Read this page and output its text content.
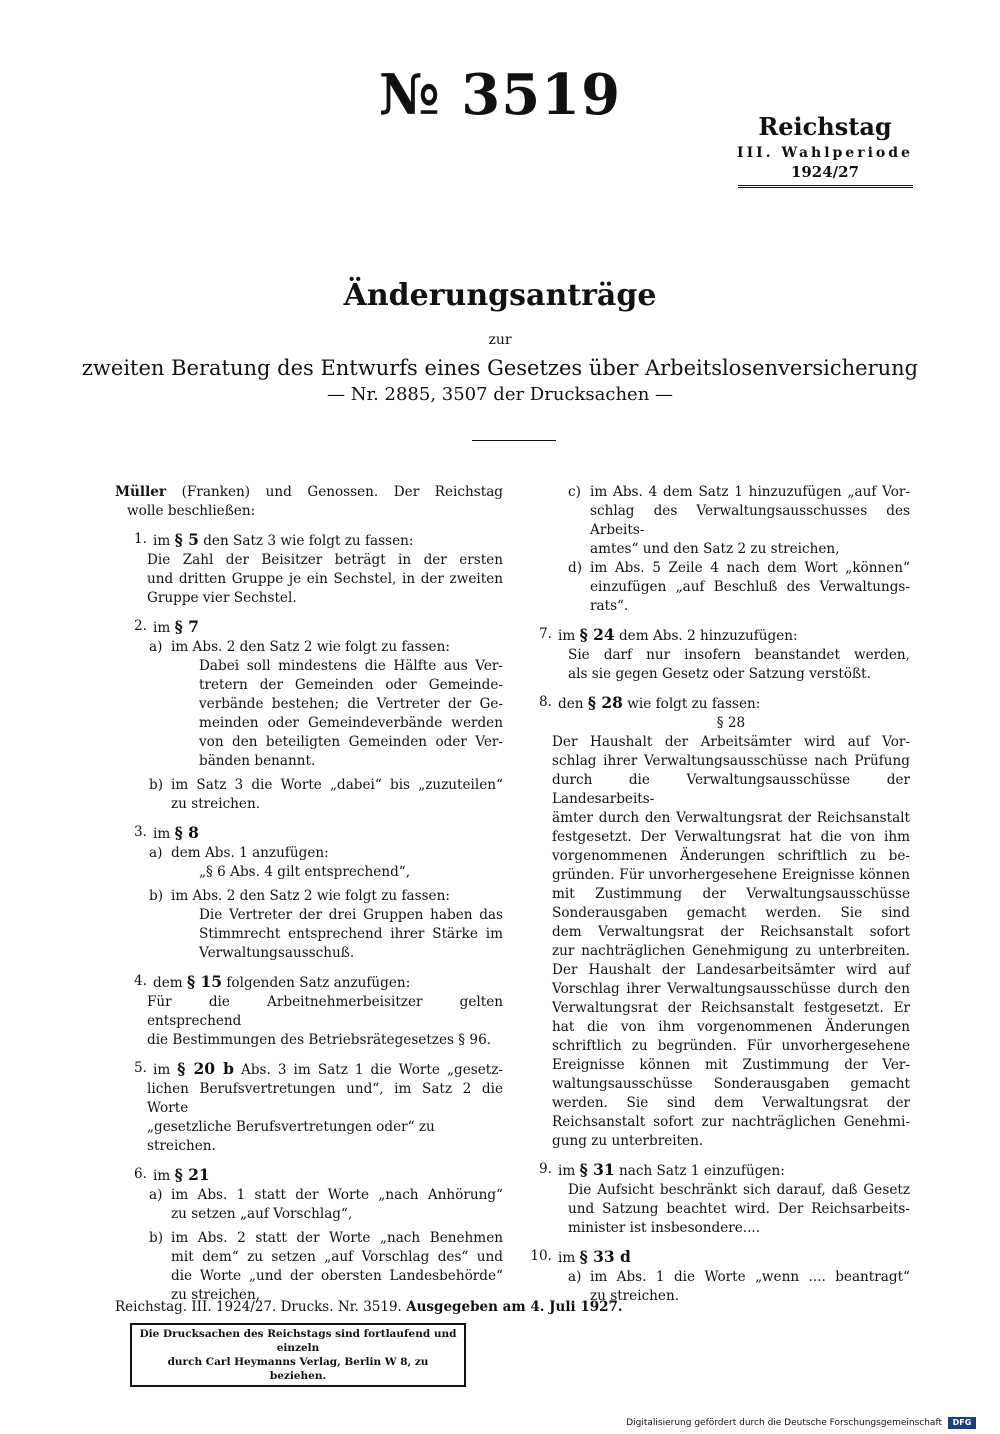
№ 3519	Reichstag
III. Wahlperiode
1924/27
Änderungsanträge
zur
zweiten Beratung des Entwurfs eines Gesetzes über Arbeitslosenversicherung
— Nr. 2885, 3507 der Drucksachen —
Müller (Franken) und Genossen. Der Reichstag
wolle beschließen:
1. im § 5 den Satz 3 wie folgt zu fassen:
Die Zahl der Beisitzer beträgt in der ersten
und dritten Gruppe je ein Sechstel, in der zweiten
Gruppe vier Sechstel.
2. im § 7
a) im Abs. 2 den Satz 2 wie folgt zu fassen:
Dabei soll mindestens die Hälfte aus Ver-
tretern der Gemeinden oder Gemeinde-
verbände bestehen; die Vertreter der Ge-
meinden oder Gemeindeverbände werden
von den beteiligten Gemeinden oder Ver-
bänden benannt.
b) im Satz 3 die Worte „dabei“ bis „zuzuteilen“
zu streichen.
3. im § 8
a) dem Abs. 1 anzufügen:
„§ 6 Abs. 4 gilt entsprechend“,
b) im Abs. 2 den Satz 2 wie folgt zu fassen:
Die Vertreter der drei Gruppen haben das
Stimmrecht entsprechend ihrer Stärke im
Verwaltungsausschuß.
4. dem § 15 folgenden Satz anzufügen:
Für die Arbeitnehmerbeisitzer gelten entsprechend
die Bestimmungen des Betriebsrätegesetzes § 96.
5. im § 20 b Abs. 3 im Satz 1 die Worte „gesetz-
lichen Berufsvertretungen und“, im Satz 2 die Worte
„gesetzliche Berufsvertretungen oder“ zu streichen.
6. im § 21
a) im Abs. 1 statt der Worte „nach Anhörung“
zu setzen „auf Vorschlag“,
b) im Abs. 2 statt der Worte „nach Benehmen
mit dem“ zu setzen „auf Vorschlag des“ und
die Worte „und der obersten Landesbehörde“
zu streichen,
c) im Abs. 4 dem Satz 1 hinzuzufügen „auf Vor-
schlag des Verwaltungsausschusses des Arbeits-
amtes“ und den Satz 2 zu streichen,
d) im Abs. 5 Zeile 4 nach dem Wort „können“
einzufügen „auf Beschluß des Verwaltungs-
rats“.
7. im § 24 dem Abs. 2 hinzuzufügen:
Sie darf nur insofern beanstandet werden,
als sie gegen Gesetz oder Satzung verstößt.
8. den § 28 wie folgt zu fassen:
§ 28
Der Haushalt der Arbeitsämter wird auf Vor-
schlag ihrer Verwaltungsausschüsse nach Prüfung
durch die Verwaltungsausschüsse der Landesarbeits-
ämter durch den Verwaltungsrat der Reichsanstalt
festgesetzt. Der Verwaltungsrat hat die von ihm
vorgenommenen Änderungen schriftlich zu be-
gründen. Für unvorhergesehene Ereignisse können
mit Zustimmung der Verwaltungsausschüsse
Sonderausgaben gemacht werden. Sie sind
dem Verwaltungsrat der Reichsanstalt sofort
zur nachträglichen Genehmigung zu unterbreiten.
Der Haushalt der Landesarbeitsämter wird auf
Vorschlag ihrer Verwaltungsausschüsse durch den
Verwaltungsrat der Reichsanstalt festgesetzt. Er
hat die von ihm vorgenommenen Änderungen
schriftlich zu begründen. Für unvorhergesehene
Ereignisse können mit Zustimmung der Ver-
waltungsausschüsse Sonderausgaben gemacht
werden. Sie sind dem Verwaltungsrat der
Reichsanstalt sofort zur nachträglichen Genehmi-
gung zu unterbreiten.
9. im § 31 nach Satz 1 einzufügen:
Die Aufsicht beschränkt sich darauf, daß Gesetz
und Satzung beachtet wird. Der Reichsarbeits-
minister ist insbesondere....
10. im § 33 d
a) im Abs. 1 die Worte „wenn .... beantragt“
zu streichen.
Reichstag. III. 1924/27. Drucks. Nr. 3519. Ausgegeben am 4. Juli 1927.
Die Drucksachen des Reichstags sind fortlaufend und einzeln
durch Carl Heymanns Verlag, Berlin W 8, zu beziehen.
Digitalisierung gefördert durch die Deutsche Forschungsgemeinschaft	DFG
